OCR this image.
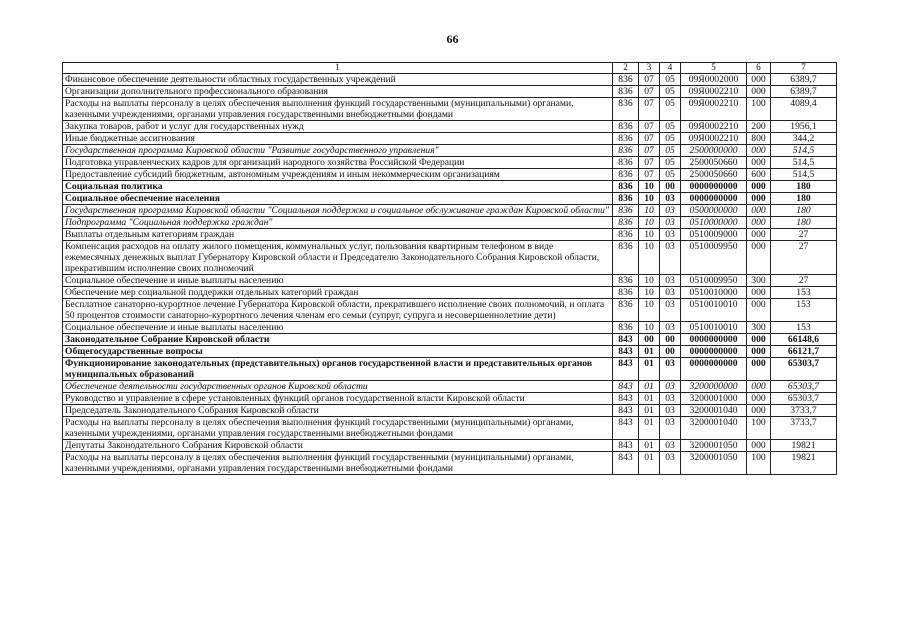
66
1	2	3	4	5	6	7
Финансовое обеспечение деятельности областных государственных учреждений	836	07	05	09Я0002000	000	6389,7
Организации дополнительного профессионального образования	836	07	05	09Я0002210	000	6389,7
Расходы на выплаты персоналу в целях обеспечения выполнения функций государственными (муниципальными) органами, казенными учреждениями, органами управления государственными внебюджетными фондами	836	07	05	09Я0002210	100	4089,4
Закупка товаров, работ и услуг для государственных нужд	836	07	05	09Я0002210	200	1956,1
Иные бюджетные ассигнования	836	07	05	09Я0002210	800	344,2
Государственная программа Кировской области "Развитие государственного управления"	836	07	05	2500000000	000	514,5
Подготовка управленческих кадров для организаций народного хозяйства Российской Федерации	836	07	05	2500050660	000	514,5
Предоставление субсидий бюджетным, автономным учреждениям и иным некоммерческим организациям	836	07	05	2500050660	600	514,5
Социальная политика	836	10	00	0000000000	000	180
Социальное обеспечение населения	836	10	03	0000000000	000	180
Государственная программа Кировской области "Социальная поддержка и социальное обслуживание граждан Кировской области"	836	10	03	0500000000	000	180
Подпрограмма "Социальная поддержка граждан"	836	10	03	0510000000	000	180
Выплаты отдельным категориям граждан	836	10	03	0510009000	000	27
Компенсация расходов на оплату жилого помещения, коммунальных услуг, пользования квартирным телефоном в виде ежемесячных денежных выплат Губернатору Кировской области и Председателю Законодательного Собрания Кировской области, прекратившим исполнение своих полномочий	836	10	03	0510009950	000	27
Социальное обеспечение и иные выплаты населению	836	10	03	0510009950	300	27
Обеспечение мер социальной поддержки отдельных категорий граждан	836	10	03	0510010000	000	153
Бесплатное санаторно-курортное лечение Губернатора Кировской области, прекратившего исполнение своих полномочий, и оплата 50 процентов стоимости санаторно-курортного лечения членам его семьи (супруг, супруга и несовершеннолетние дети)	836	10	03	0510010010	000	153
Социальное обеспечение и иные выплаты населению	836	10	03	0510010010	300	153
Законодательное Собрание Кировской области	843	00	00	0000000000	000	66148,6
Общегосударственные вопросы	843	01	00	0000000000	000	66121,7
Функционирование законодательных (представительных) органов государственной власти и представительных органов муниципальных образований	843	01	03	0000000000	000	65303,7
Обеспечение деятельности государственных органов Кировской области	843	01	03	3200000000	000	65303,7
Руководство и управление в сфере установленных функций органов государственной власти Кировской области	843	01	03	3200001000	000	65303,7
Председатель Законодательного Собрания Кировской области	843	01	03	3200001040	000	3733,7
Расходы на выплаты персоналу в целях обеспечения выполнения функций государственными (муниципальными) органами, казенными учреждениями, органами управления государственными внебюджетными фондами	843	01	03	3200001040	100	3733,7
Депутаты Законодательного Собрания Кировской области	843	01	03	3200001050	000	19821
Расходы на выплаты персоналу в целях обеспечения выполнения функций государственными (муниципальными) органами, казенными учреждениями, органами управления государственными внебюджетными фондами	843	01	03	3200001050	100	19821
